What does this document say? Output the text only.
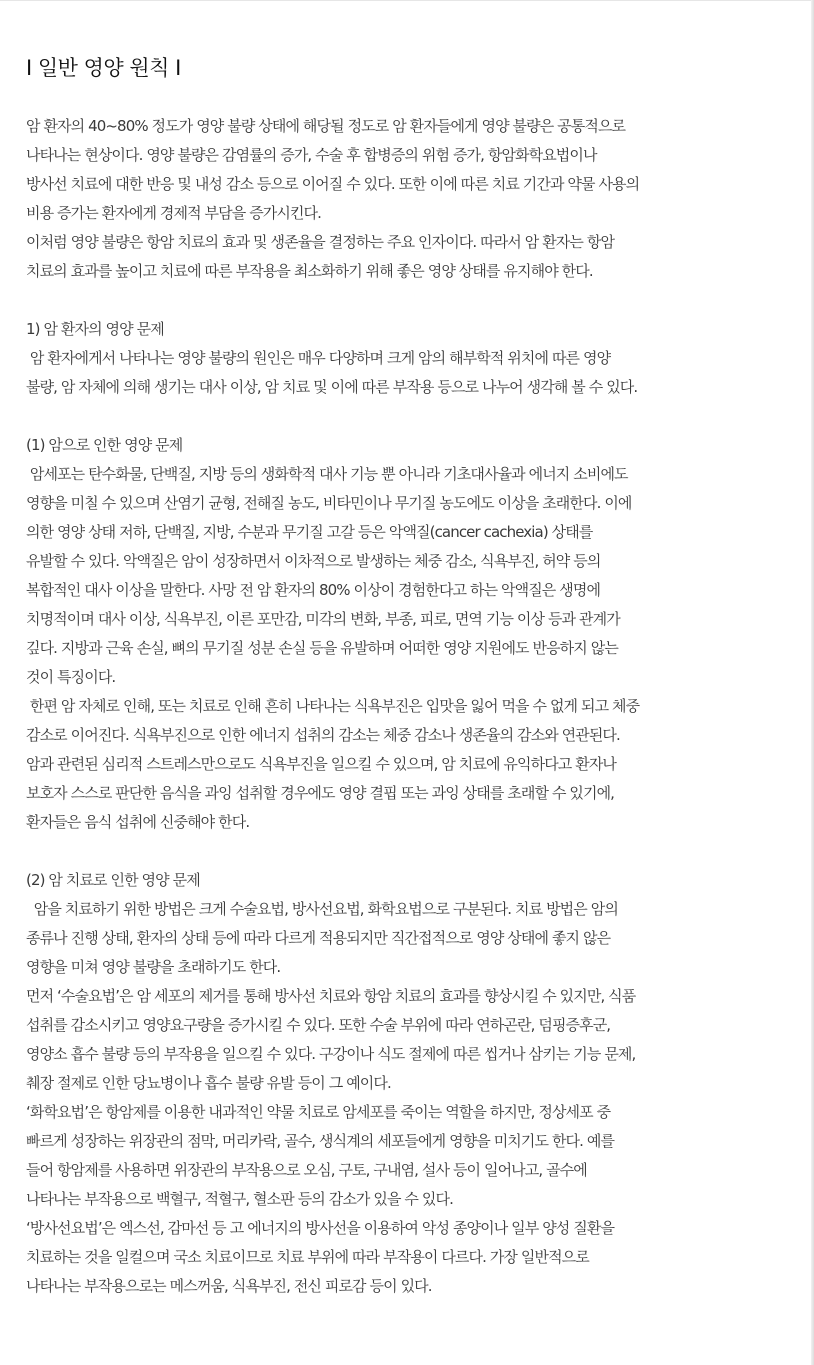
I 일반 영양 원칙 I
암 환자의 40~80% 정도가 영양 불량 상태에 해당될 정도로 암 환자들에게 영양 불량은 공통적으로
나타나는 현상이다. 영양 불량은 감염률의 증가, 수술 후 합병증의 위험 증가, 항암화학요법이나
방사선 치료에 대한 반응 및 내성 감소 등으로 이어질 수 있다. 또한 이에 따른 치료 기간과 약물 사용의
비용 증가는 환자에게 경제적 부담을 증가시킨다.
이처럼 영양 불량은 항암 치료의 효과 및 생존율을 결정하는 주요 인자이다. 따라서 암 환자는 항암
치료의 효과를 높이고 치료에 따른 부작용을 최소화하기 위해 좋은 영양 상태를 유지해야 한다.
1) 암 환자의 영양 문제
암 환자에게서 나타나는 영양 불량의 원인은 매우 다양하며 크게 암의 해부학적 위치에 따른 영양
불량, 암 자체에 의해 생기는 대사 이상, 암 치료 및 이에 따른 부작용 등으로 나누어 생각해 볼 수 있다.
(1) 암으로 인한 영양 문제
암세포는 탄수화물, 단백질, 지방 등의 생화학적 대사 기능 뿐 아니라 기초대사율과 에너지 소비에도
영향을 미칠 수 있으며 산염기 균형, 전해질 농도, 비타민이나 무기질 농도에도 이상을 초래한다. 이에
의한 영양 상태 저하, 단백질, 지방, 수분과 무기질 고갈 등은 악액질(cancer cachexia) 상태를
유발할 수 있다. 악액질은 암이 성장하면서 이차적으로 발생하는 체중 감소, 식욕부진, 허약 등의
복합적인 대사 이상을 말한다. 사망 전 암 환자의 80% 이상이 경험한다고 하는 악액질은 생명에
치명적이며 대사 이상, 식욕부진, 이른 포만감, 미각의 변화, 부종, 피로, 면역 기능 이상 등과 관계가
깊다. 지방과 근육 손실, 뼈의 무기질 성분 손실 등을 유발하며 어떠한 영양 지원에도 반응하지 않는
것이 특징이다.
한편 암 자체로 인해, 또는 치료로 인해 흔히 나타나는 식욕부진은 입맛을 잃어 먹을 수 없게 되고 체중
감소로 이어진다. 식욕부진으로 인한 에너지 섭취의 감소는 체중 감소나 생존율의 감소와 연관된다.
암과 관련된 심리적 스트레스만으로도 식욕부진을 일으킬 수 있으며, 암 치료에 유익하다고 환자나
보호자 스스로 판단한 음식을 과잉 섭취할 경우에도 영양 결핍 또는 과잉 상태를 초래할 수 있기에,
환자들은 음식 섭취에 신중해야 한다.
(2) 암 치료로 인한 영양 문제
암을 치료하기 위한 방법은 크게 수술요법, 방사선요법, 화학요법으로 구분된다. 치료 방법은 암의
종류나 진행 상태, 환자의 상태 등에 따라 다르게 적용되지만 직간접적으로 영양 상태에 좋지 않은
영향을 미쳐 영양 불량을 초래하기도 한다.
먼저 ‘수술요법’은 암 세포의 제거를 통해 방사선 치료와 항암 치료의 효과를 향상시킬 수 있지만, 식품
섭취를 감소시키고 영양요구량을 증가시킬 수 있다. 또한 수술 부위에 따라 연하곤란, 덤핑증후군,
영양소 흡수 불량 등의 부작용을 일으킬 수 있다. 구강이나 식도 절제에 따른 씹거나 삼키는 기능 문제,
췌장 절제로 인한 당뇨병이나 흡수 불량 유발 등이 그 예이다.
‘화학요법’은 항암제를 이용한 내과적인 약물 치료로 암세포를 죽이는 역할을 하지만, 정상세포 중
빠르게 성장하는 위장관의 점막, 머리카락, 골수, 생식계의 세포들에게 영향을 미치기도 한다. 예를
들어 항암제를 사용하면 위장관의 부작용으로 오심, 구토, 구내염, 설사 등이 일어나고, 골수에
나타나는 부작용으로 백혈구, 적혈구, 혈소판 등의 감소가 있을 수 있다.
‘방사선요법’은 엑스선, 감마선 등 고 에너지의 방사선을 이용하여 악성 종양이나 일부 양성 질환을
치료하는 것을 일컬으며 국소 치료이므로 치료 부위에 따라 부작용이 다르다. 가장 일반적으로
나타나는 부작용으로는 메스꺼움, 식욕부진, 전신 피로감 등이 있다.
